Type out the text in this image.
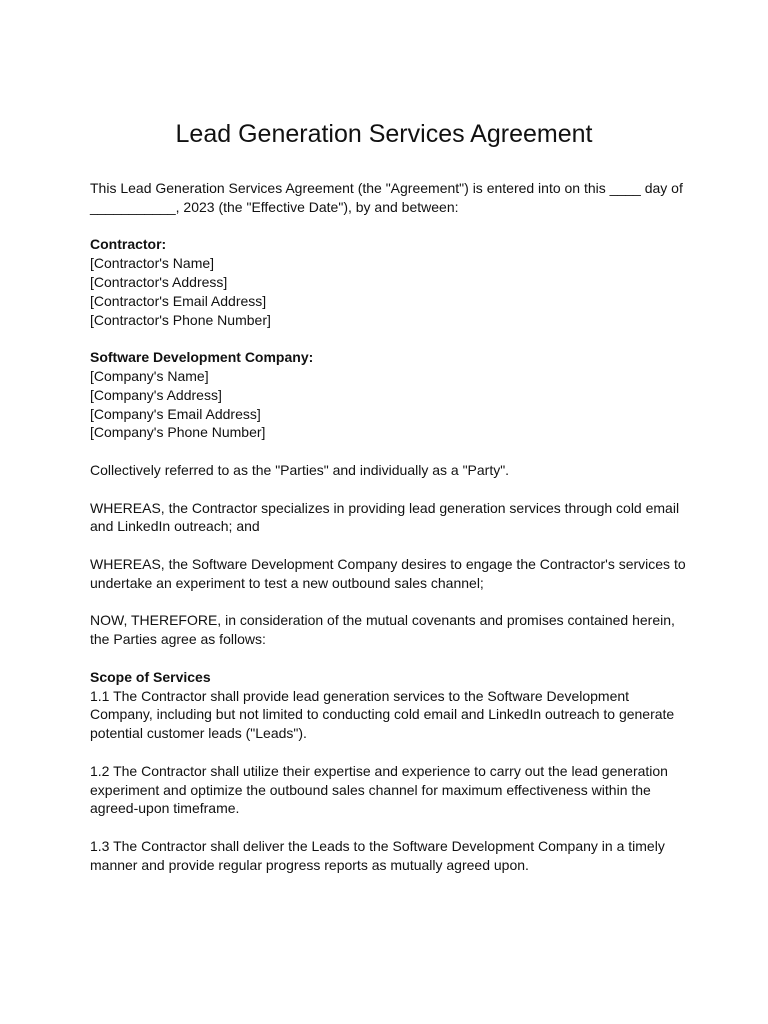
Lead Generation Services Agreement

This Lead Generation Services Agreement (the "Agreement") is entered into on this ____ day of ___________, 2023 (the "Effective Date"), by and between:

Contractor:
[Contractor's Name]
[Contractor's Address]
[Contractor's Email Address]
[Contractor's Phone Number]

Software Development Company:
[Company's Name]
[Company's Address]
[Company's Email Address]
[Company's Phone Number]

Collectively referred to as the "Parties" and individually as a "Party".

WHEREAS, the Contractor specializes in providing lead generation services through cold email and LinkedIn outreach; and

WHEREAS, the Software Development Company desires to engage the Contractor's services to undertake an experiment to test a new outbound sales channel;

NOW, THEREFORE, in consideration of the mutual covenants and promises contained herein, the Parties agree as follows:

Scope of Services
1.1 The Contractor shall provide lead generation services to the Software Development Company, including but not limited to conducting cold email and LinkedIn outreach to generate potential customer leads ("Leads").

1.2 The Contractor shall utilize their expertise and experience to carry out the lead generation experiment and optimize the outbound sales channel for maximum effectiveness within the agreed-upon timeframe.

1.3 The Contractor shall deliver the Leads to the Software Development Company in a timely manner and provide regular progress reports as mutually agreed upon.
